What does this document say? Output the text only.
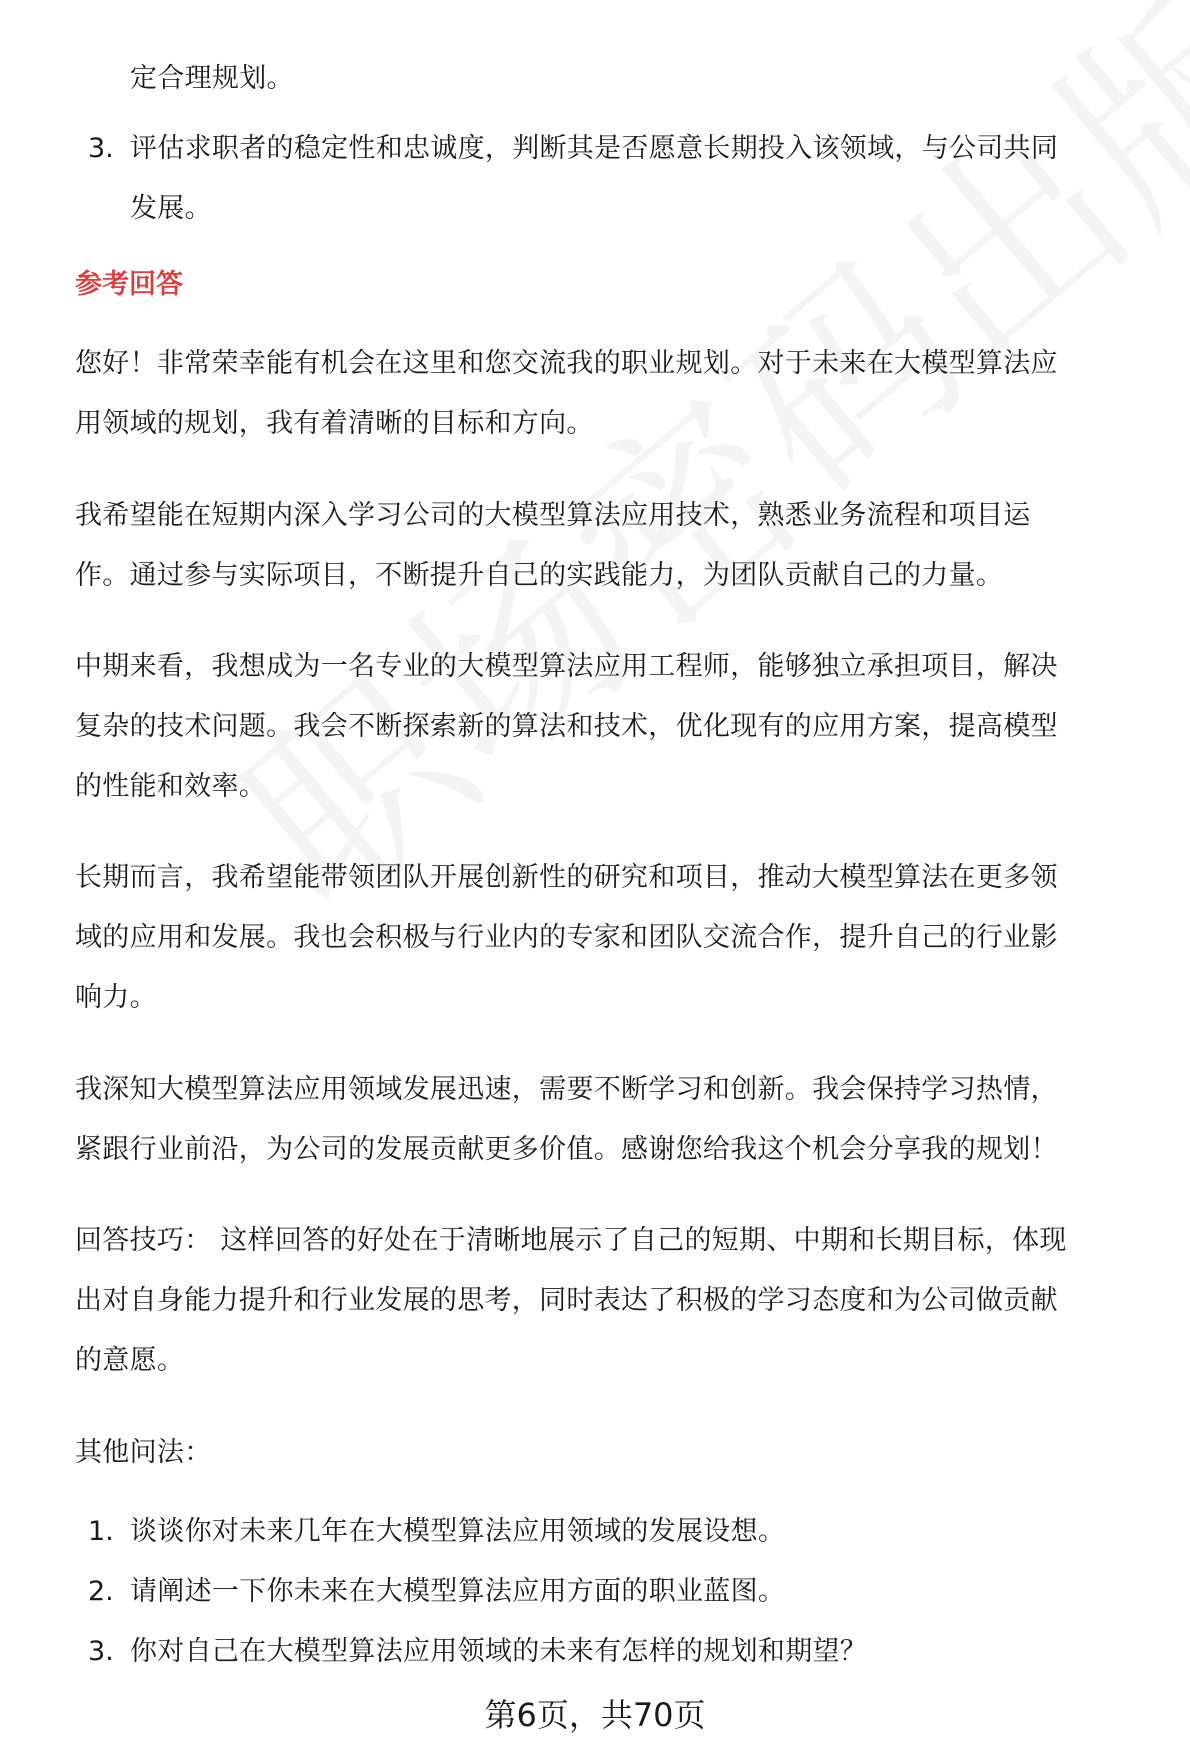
定合理规划。
3. 评估求职者的稳定性和忠诚度，判断其是否愿意长期投入该领域，与公司共同
发展。
参考回答
您好！非常荣幸能有机会在这里和您交流我的职业规划。对于未来在大模型算法应
用领域的规划，我有着清晰的目标和方向。
我希望能在短期内深入学习公司的大模型算法应用技术，熟悉业务流程和项目运
作。通过参与实际项目，不断提升自己的实践能力，为团队贡献自己的力量。
中期来看，我想成为一名专业的大模型算法应用工程师，能够独立承担项目，解决
复杂的技术问题。我会不断探索新的算法和技术，优化现有的应用方案，提高模型
的性能和效率。
长期而言，我希望能带领团队开展创新性的研究和项目，推动大模型算法在更多领
域的应用和发展。我也会积极与行业内的专家和团队交流合作，提升自己的行业影
响力。
我深知大模型算法应用领域发展迅速，需要不断学习和创新。我会保持学习热情，
紧跟行业前沿，为公司的发展贡献更多价值。感谢您给我这个机会分享我的规划！
回答技巧： 这样回答的好处在于清晰地展示了自己的短期、中期和长期目标，体现
出对自身能力提升和行业发展的思考，同时表达了积极的学习态度和为公司做贡献
的意愿。
其他问法：
1. 谈谈你对未来几年在大模型算法应用领域的发展设想。
2. 请阐述一下你未来在大模型算法应用方面的职业蓝图。
3. 你对自己在大模型算法应用领域的未来有怎样的规划和期望？
第6页，共70页
